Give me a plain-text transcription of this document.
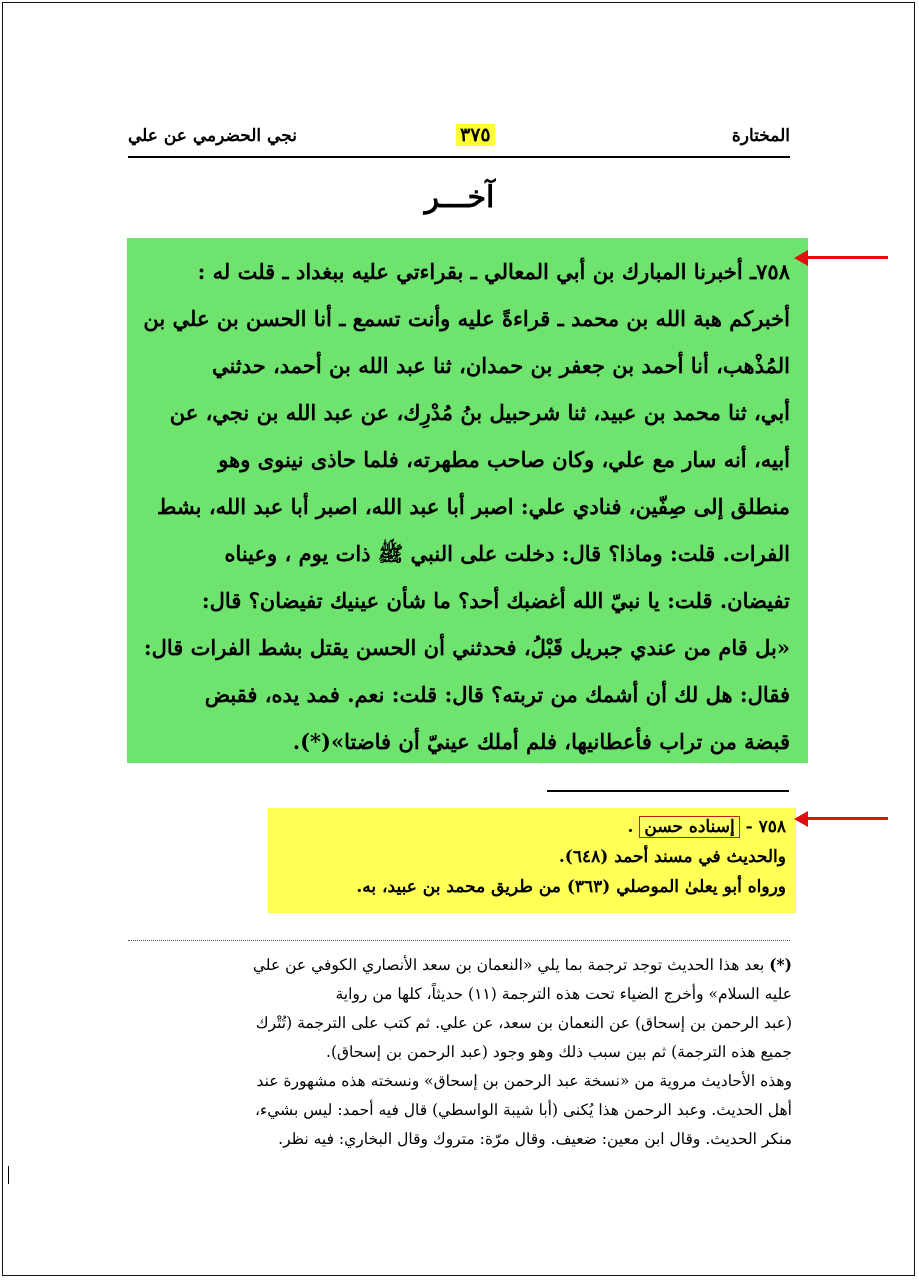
المختارة
٣٧٥
نجي الحضرمي عن علي
آخـــر

٧٥٨ـ أخبرنا المبارك بن أبي المعالي ـ بقراءتي عليه ببغداد ـ قلت له :

أخبركم هبة الله بن محمد ـ قراءةً عليه وأنت تسمع ـ أنا الحسن بن علي بن

المُذْهب، أنا أحمد بن جعفر بن حمدان، ثنا عبد الله بن أحمد، حدثني

أبي، ثنا محمد بن عبيد، ثنا شرحبيل بنُ مُدْرِك، عن عبد الله بن نجي، عن

أبيه، أنه سار مع علي، وكان صاحب مطهرته، فلما حاذى نينوى وهو

منطلق إلى صِفّين، فنادي علي: اصبر أبا عبد الله، اصبر أبا عبد الله، بشط

الفرات. قلت: وماذا؟ قال: دخلت على النبي ﷺ ذات يوم ، وعيناه

تفيضان. قلت: يا نبيّ الله أغضبك أحد؟ ما شأن عينيك تفيضان؟ قال:

«بل قام من عندي جبريل قَبْلُ، فحدثني أن الحسن يقتل بشط الفرات قال:

فقال: هل لك أن أشمك من تربته؟ قال: قلت: نعم. فمد يده، فقبض

قبضة من تراب فأعطانيها، فلم أملك عينيّ أن فاضتا»(*).

٧٥٨ - إسناده حسن .
والحديث في مسند أحمد (٦٤٨).
ورواه أبو يعلىٰ الموصلي (٣٦٣) من طريق محمد بن عبيد، به.

(*) بعد هذا الحديث توجد ترجمة بما يلي «النعمان بن سعد الأنصاري الكوفي عن علي

عليه السلام» وأخرج الضياء تحت هذه الترجمة (١١) حديثاً، كلها من رواية

(عبد الرحمن بن إسحاق) عن النعمان بن سعد، عن علي. ثم كتب على الترجمة (تُتْرك

جميع هذه الترجمة) ثم بين سبب ذلك وهو وجود (عبد الرحمن بن إسحاق).

وهذه الأحاديث مروية من «نسخة عبد الرحمن بن إسحاق» ونسخته هذه مشهورة عند

أهل الحديث. وعبد الرحمن هذا يُكنى (أبا شيبة الواسطي) قال فيه أحمد: ليس بشيء،

منكر الحديث. وقال ابن معين: ضعيف. وقال مرّة: متروك وقال البخاري: فيه نظر.
